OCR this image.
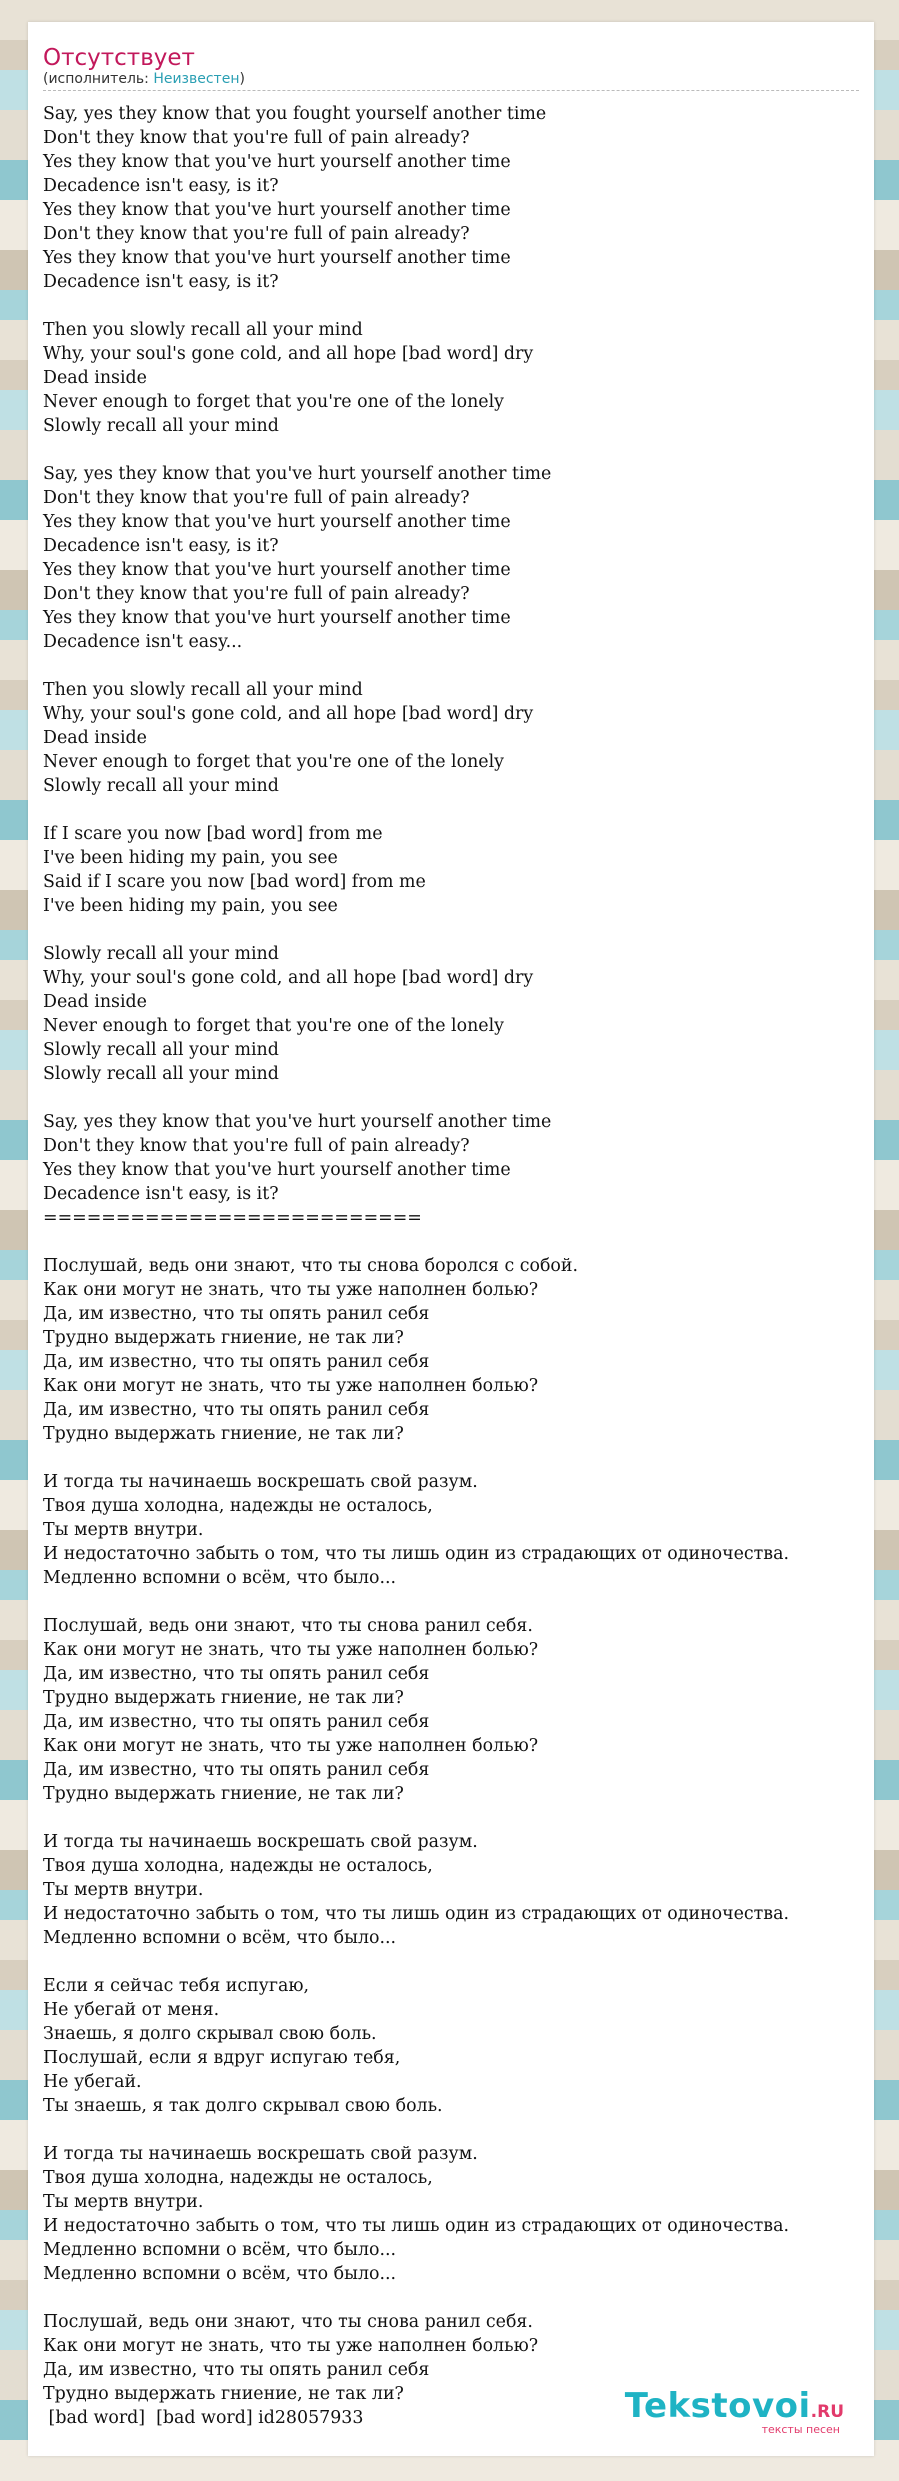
Отсутствует
(исполнитель: Неизвестен)
Say, yes they know that you fought yourself another time
Don't they know that you're full of pain already?
Yes they know that you've hurt yourself another time
Decadence isn't easy, is it?
Yes they know that you've hurt yourself another time
Don't they know that you're full of pain already?
Yes they know that you've hurt yourself another time
Decadence isn't easy, is it?

Then you slowly recall all your mind
Why, your soul's gone cold, and all hope [bad word] dry
Dead inside
Never enough to forget that you're one of the lonely
Slowly recall all your mind

Say, yes they know that you've hurt yourself another time
Don't they know that you're full of pain already?
Yes they know that you've hurt yourself another time
Decadence isn't easy, is it?
Yes they know that you've hurt yourself another time
Don't they know that you're full of pain already?
Yes they know that you've hurt yourself another time
Decadence isn't easy...

Then you slowly recall all your mind
Why, your soul's gone cold, and all hope [bad word] dry
Dead inside
Never enough to forget that you're one of the lonely
Slowly recall all your mind

If I scare you now [bad word] from me
I've been hiding my pain, you see
Said if I scare you now [bad word] from me
I've been hiding my pain, you see

Slowly recall all your mind
Why, your soul's gone cold, and all hope [bad word] dry
Dead inside
Never enough to forget that you're one of the lonely
Slowly recall all your mind
Slowly recall all your mind

Say, yes they know that you've hurt yourself another time
Don't they know that you're full of pain already?
Yes they know that you've hurt yourself another time
Decadence isn't easy, is it?
==========================

Послушай, ведь они знают, что ты снова боролся с собой.
Как они могут не знать, что ты уже наполнен болью?
Да, им известно, что ты опять ранил себя
Трудно выдержать гниение, не так ли?
Да, им известно, что ты опять ранил себя
Как они могут не знать, что ты уже наполнен болью?
Да, им известно, что ты опять ранил себя
Трудно выдержать гниение, не так ли?

И тогда ты начинаешь воскрешать свой разум.
Твоя душа холодна, надежды не осталось,
Ты мертв внутри.
И недостаточно забыть о том, что ты лишь один из страдающих от одиночества.
Медленно вспомни о всём, что было...

Послушай, ведь они знают, что ты снова ранил себя.
Как они могут не знать, что ты уже наполнен болью?
Да, им известно, что ты опять ранил себя
Трудно выдержать гниение, не так ли?
Да, им известно, что ты опять ранил себя
Как они могут не знать, что ты уже наполнен болью?
Да, им известно, что ты опять ранил себя
Трудно выдержать гниение, не так ли?

И тогда ты начинаешь воскрешать свой разум.
Твоя душа холодна, надежды не осталось,
Ты мертв внутри.
И недостаточно забыть о том, что ты лишь один из страдающих от одиночества.
Медленно вспомни о всём, что было...

Если я сейчас тебя испугаю,
Не убегай от меня.
Знаешь, я долго скрывал свою боль.
Послушай, если я вдруг испугаю тебя,
Не убегай.
Ты знаешь, я так долго скрывал свою боль.

И тогда ты начинаешь воскрешать свой разум.
Твоя душа холодна, надежды не осталось,
Ты мертв внутри.
И недостаточно забыть о том, что ты лишь один из страдающих от одиночества.
Медленно вспомни о всём, что было...
Медленно вспомни о всём, что было...

Послушай, ведь они знают, что ты снова ранил себя.
Как они могут не знать, что ты уже наполнен болью?
Да, им известно, что ты опять ранил себя
Трудно выдержать гниение, не так ли?
[bad word]  [bad word] id28057933	Tekstovoi.RU
тексты песен
